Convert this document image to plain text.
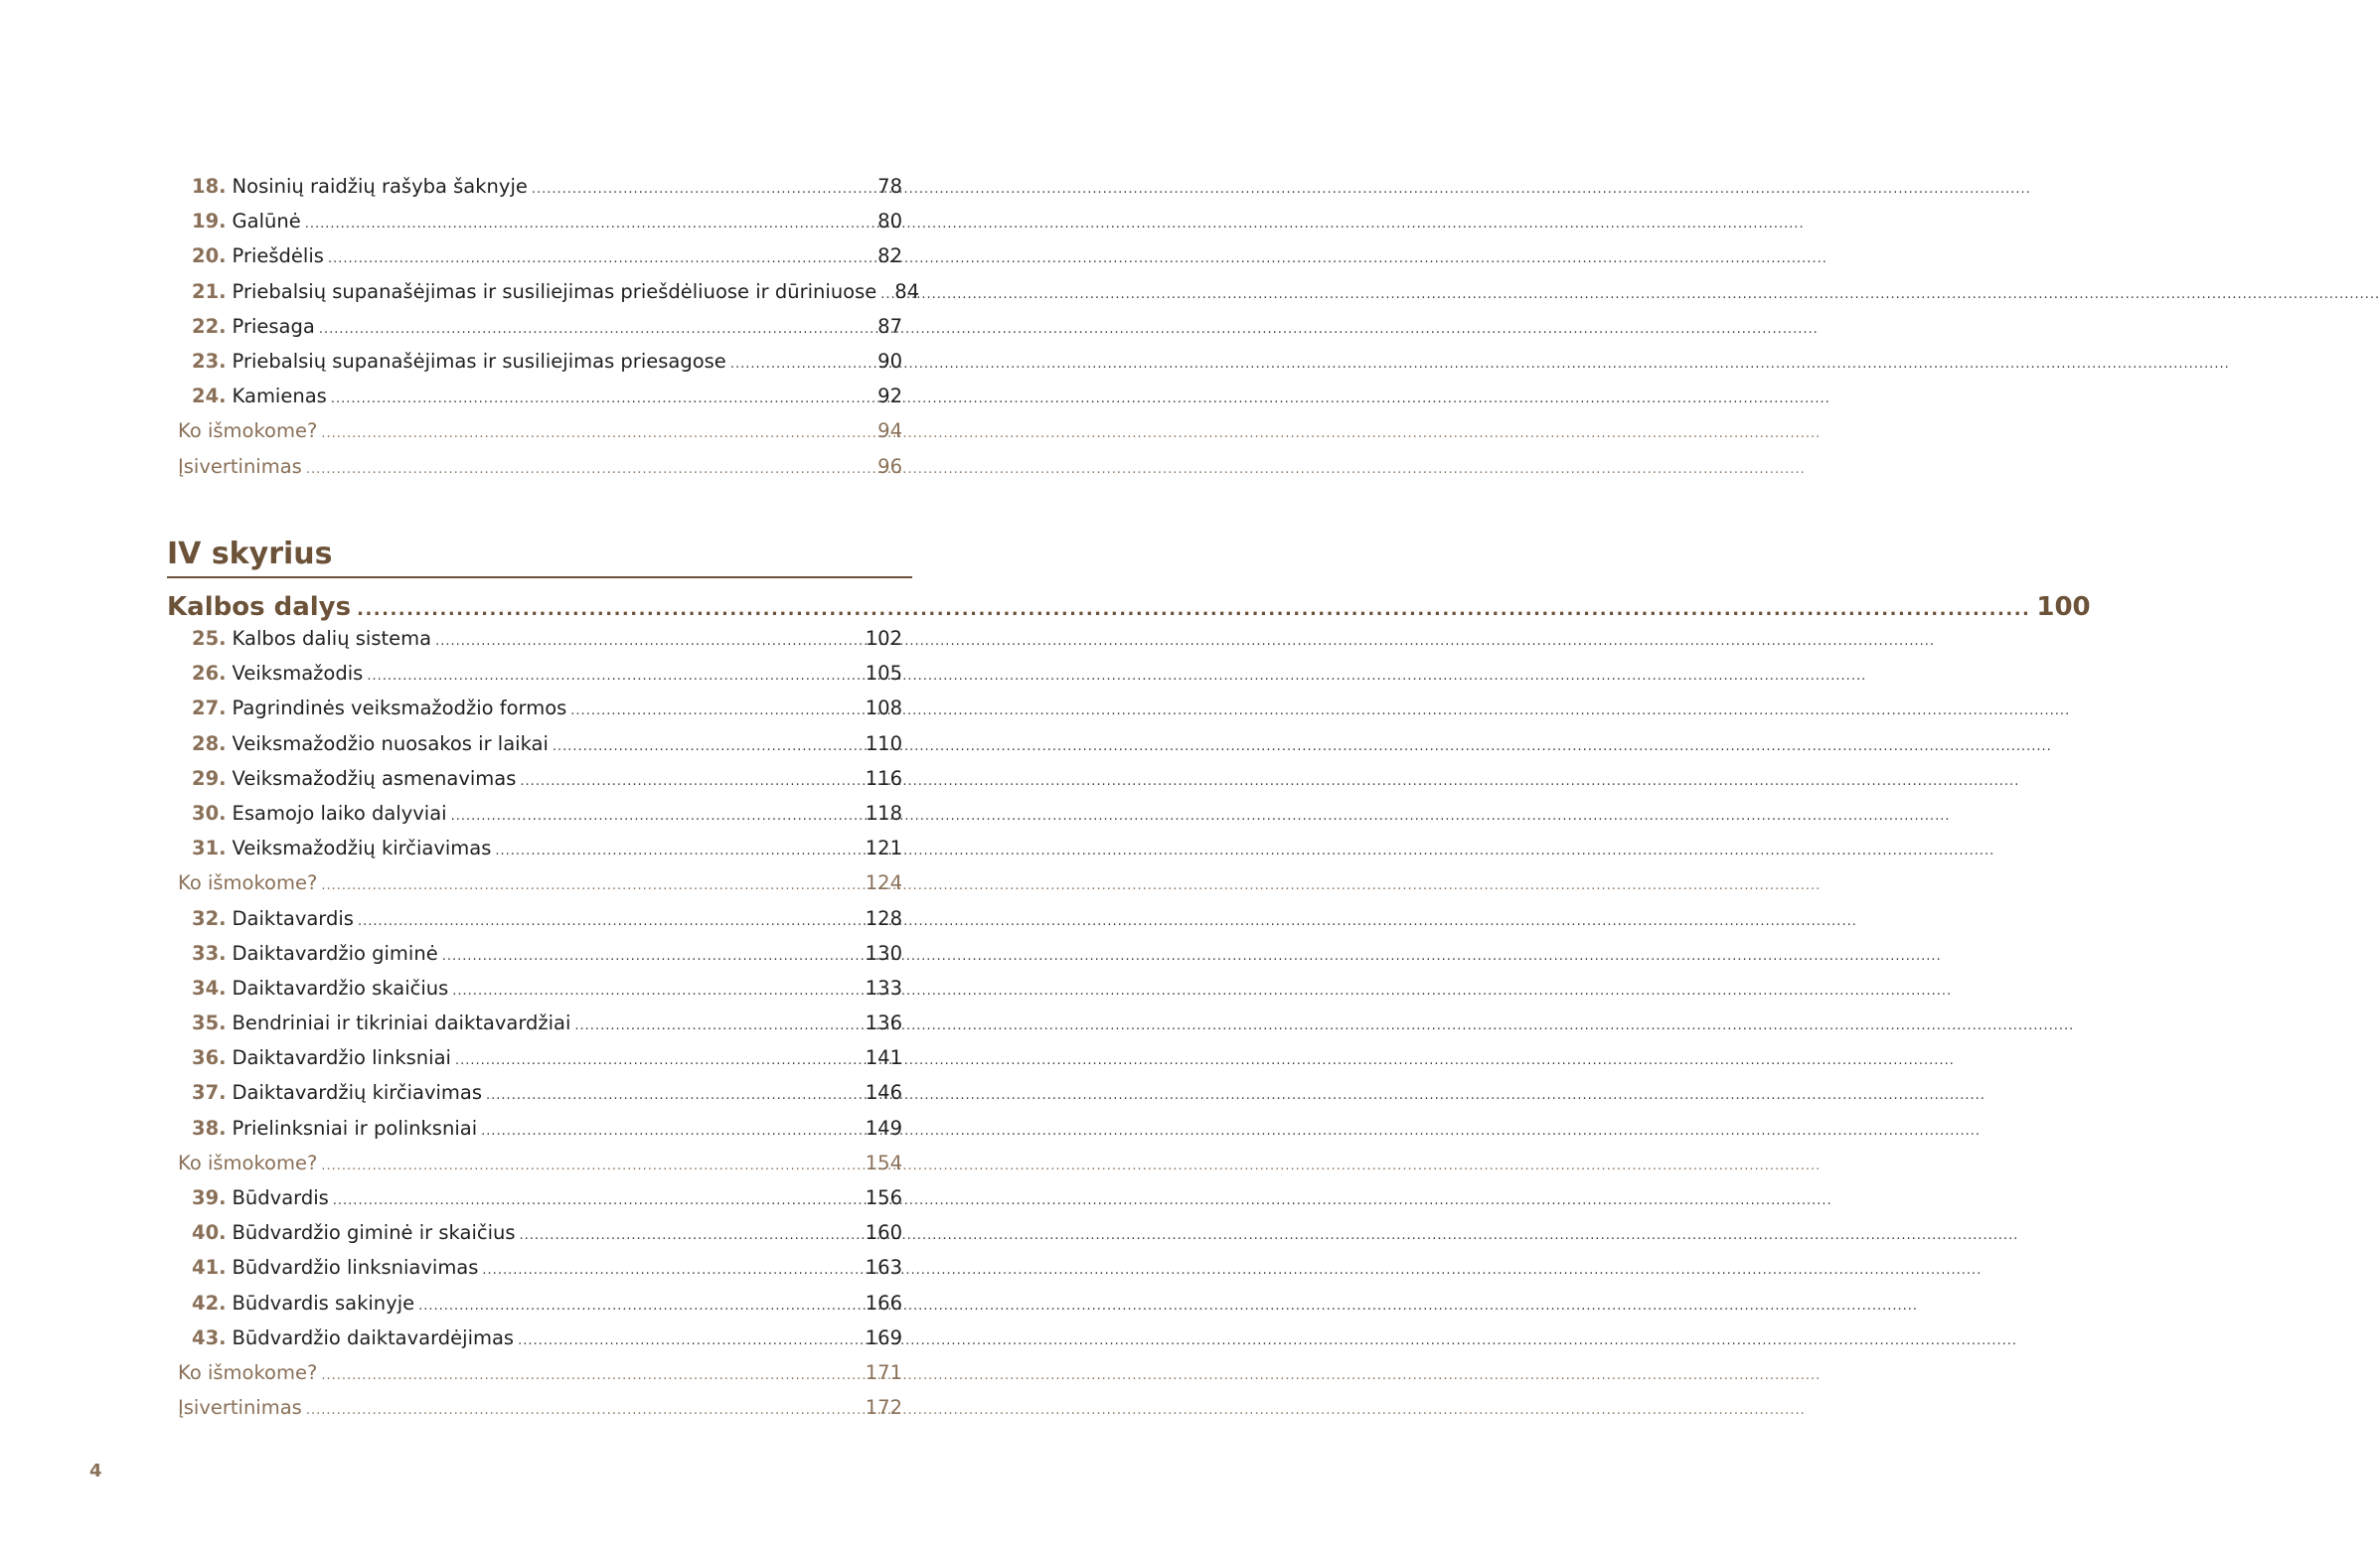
18. Nosinių raidžių rašyba šaknyje .....	78
19. Galūnė .....	80
20. Priešdėlis .....	82
21. Priebalsių supanašėjimas ir susiliejimas priešdėliuose ir dūriniuose ..... 84
22. Priesaga .....	87
23. Priebalsių supanašėjimas ir susiliejimas priesagose .....	90
24. Kamienas .....	92
Ko išmokome? .....	94
Įsivertinimas .....	96
IV skyrius
Kalbos dalys .....	100
25. Kalbos dalių sistema .....	102
26. Veiksmažodis .....	105
27. Pagrindinės veiksmažodžio formos .....	108
28. Veiksmažodžio nuosakos ir laikai .....	110
29. Veiksmažodžių asmenavimas .....	116
30. Esamojo laiko dalyviai .....	118
31. Veiksmažodžių kirčiavimas .....	121
Ko išmokome? .....	124
32. Daiktavardis .....	128
33. Daiktavardžio giminė .....	130
34. Daiktavardžio skaičius .....	133
35. Bendriniai ir tikriniai daiktavardžiai .....	136
36. Daiktavardžio linksniai .....	141
37. Daiktavardžių kirčiavimas .....	146
38. Prielinksniai ir polinksniai .....	149
Ko išmokome? .....	154
39. Būdvardis .....	156
40. Būdvardžio giminė ir skaičius .....	160
41. Būdvardžio linksniavimas .....	163
42. Būdvardis sakinyje .....	166
43. Būdvardžio daiktavardėjimas .....	169
Ko išmokome? .....	171
Įsivertinimas .....	172
4
